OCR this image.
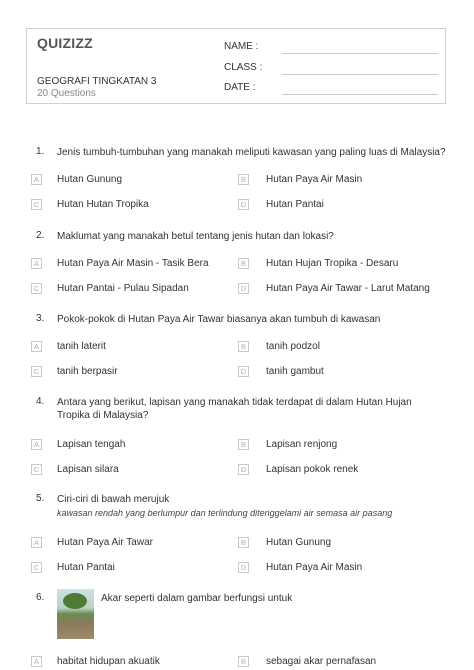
QUIZIZZ
GEOGRAFI TINGKATAN 3
20 Questions
NAME :
CLASS :
DATE :
1. Jenis tumbuh-tumbuhan yang manakah meliputi kawasan yang paling luas di Malaysia?
A	Hutan Gunung	B	Hutan Paya Air Masin
C Hutan Hutan Tropika	D Hutan Pantai
2. Maklumat yang manakah betul tentang jenis hutan dan lokasi?
A	Hutan Paya Air Masin - Tasik Bera	B	Hutan Hujan Tropika - Desaru
C Hutan Pantai - Pulau Sipadan	D Hutan Paya Air Tawar - Larut Matang
3. Pokok-pokok di Hutan Paya Air Tawar biasanya akan tumbuh di kawasan
A	tanih laterit	B	tanih podzol
C tanih berpasir	D tanih gambut
4. Antara yang berikut, lapisan yang manakah tidak terdapat di dalam Hutan Hujan
Tropika di Malaysia?
A	Lapisan tengah	B	Lapisan renjong
C Lapisan silara	D Lapisan pokok renek
5. Ciri-ciri di bawah merujuk
kawasan rendah yang berlumpur dan terlindung ditenggelami air semasa air pasang
A	Hutan Paya Air Tawar	B	Hutan Gunung
C Hutan Pantai	D Hutan Paya Air Masin
6.	Akar seperti dalam gambar berfungsi untuk
A	habitat hidupan akuatik	B	sebagai akar pernafasan
